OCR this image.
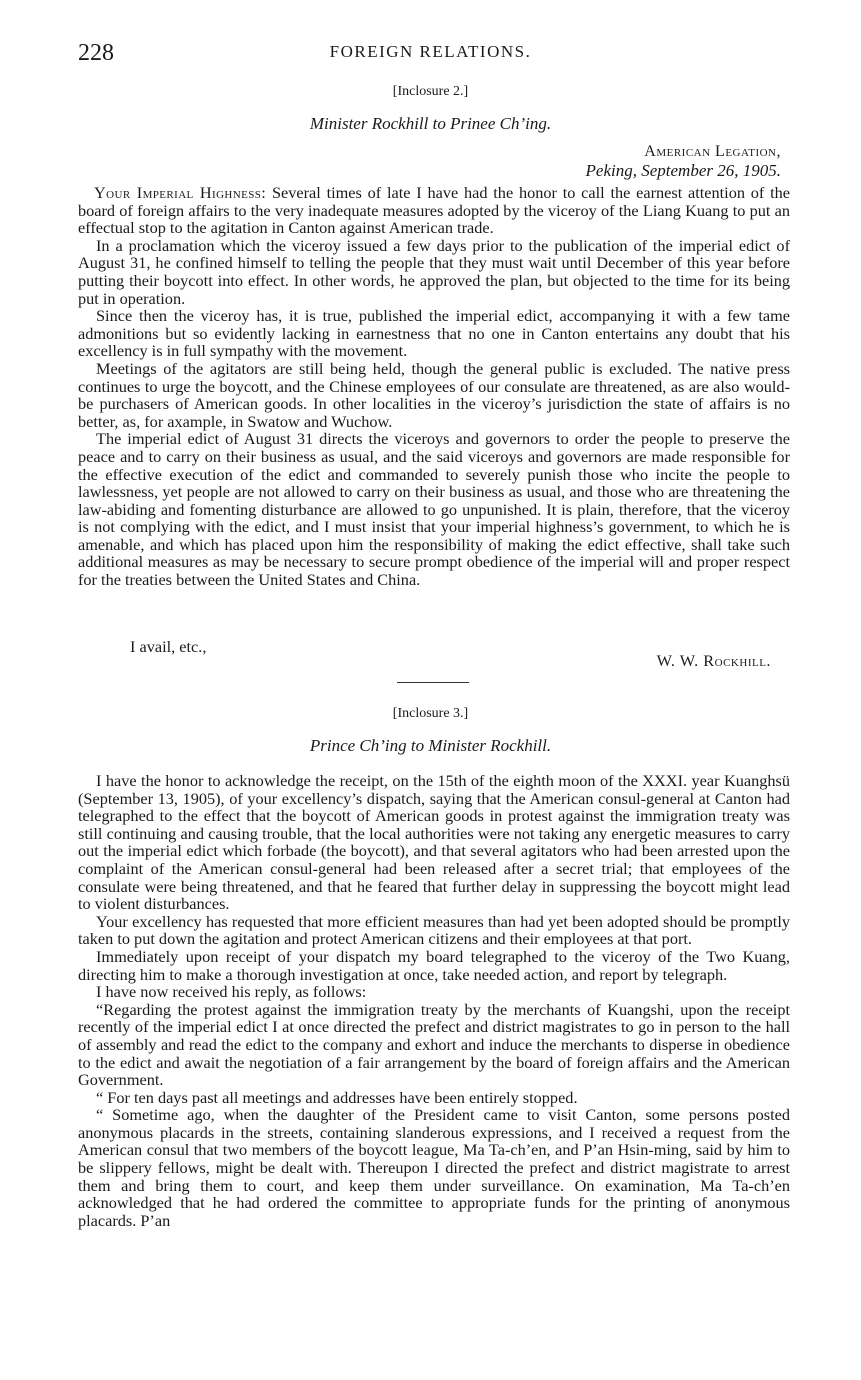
228	FOREIGN RELATIONS.
[Inclosure 2.]
Minister Rockhill to Prinee Ch’ing.
American Legation,
Peking, September 26, 1905.

Your Imperial Highness: Several times of late I have had the honor to call the earnest attention of the board of foreign affairs to the very inadequate measures adopted by the viceroy of the Liang Kuang to put an effectual stop to the agitation in Canton against American trade.

In a proclamation which the viceroy issued a few days prior to the publication of the imperial edict of August 31, he confined himself to telling the people that they must wait until December of this year before putting their boycott into effect. In other words, he approved the plan, but objected to the time for its being put in operation.

Since then the viceroy has, it is true, published the imperial edict, accompanying it with a few tame admonitions but so evidently lacking in earnestness that no one in Canton entertains any doubt that his excellency is in full sympathy with the movement.

Meetings of the agitators are still being held, though the general public is excluded. The native press continues to urge the boycott, and the Chinese employees of our consulate are threatened, as are also would-be purchasers of American goods. In other localities in the viceroy’s jurisdiction the state of affairs is no better, as, for axample, in Swatow and Wuchow.

The imperial edict of August 31 directs the viceroys and governors to order the people to preserve the peace and to carry on their business as usual, and the said viceroys and governors are made responsible for the effective execution of the edict and commanded to severely punish those who incite the people to lawlessness, yet people are not allowed to carry on their business as usual, and those who are threatening the law-abiding and fomenting disturbance are allowed to go unpunished. It is plain, therefore, that the viceroy is not complying with the edict, and I must insist that your imperial highness’s government, to which he is amenable, and which has placed upon him the responsibility of making the edict effective, shall take such additional measures as may be necessary to secure prompt obedience of the imperial will and proper respect for the treaties between the United States and China.

I avail, etc.,
W. W. Rockhill.
[Inclosure 3.]
Prince Ch’ing to Minister Rockhill.

I have the honor to acknowledge the receipt, on the 15th of the eighth moon of the XXXI. year Kuanghsü (September 13, 1905), of your excellency’s dispatch, saying that the American consul-general at Canton had telegraphed to the effect that the boycott of American goods in protest against the immigration treaty was still continuing and causing trouble, that the local authorities were not taking any energetic measures to carry out the imperial edict which forbade (the boycott), and that several agitators who had been arrested upon the complaint of the American consul-general had been released after a secret trial; that employees of the consulate were being threatened, and that he feared that further delay in suppressing the boycott might lead to violent disturbances.

Your excellency has requested that more efficient measures than had yet been adopted should be promptly taken to put down the agitation and protect American citizens and their employees at that port.

Immediately upon receipt of your dispatch my board telegraphed to the viceroy of the Two Kuang, directing him to make a thorough investigation at once, take needed action, and report by telegraph.

I have now received his reply, as follows:

“Regarding the protest against the immigration treaty by the merchants of Kuangshi, upon the receipt recently of the imperial edict I at once directed the prefect and district magistrates to go in person to the hall of assembly and read the edict to the company and exhort and induce the merchants to disperse in obedience to the edict and await the negotiation of a fair arrangement by the board of foreign affairs and the American Government.

“ For ten days past all meetings and addresses have been entirely stopped.

“ Sometime ago, when the daughter of the President came to visit Canton, some persons posted anonymous placards in the streets, containing slanderous expressions, and I received a request from the American consul that two members of the boycott league, Ma Ta-ch’en, and P’an Hsin-ming, said by him to be slippery fellows, might be dealt with. Thereupon I directed the prefect and district magistrate to arrest them and bring them to court, and keep them under surveillance. On examination, Ma Ta-ch’en acknowledged that he had ordered the committee to appropriate funds for the printing of anonymous placards. P’an
